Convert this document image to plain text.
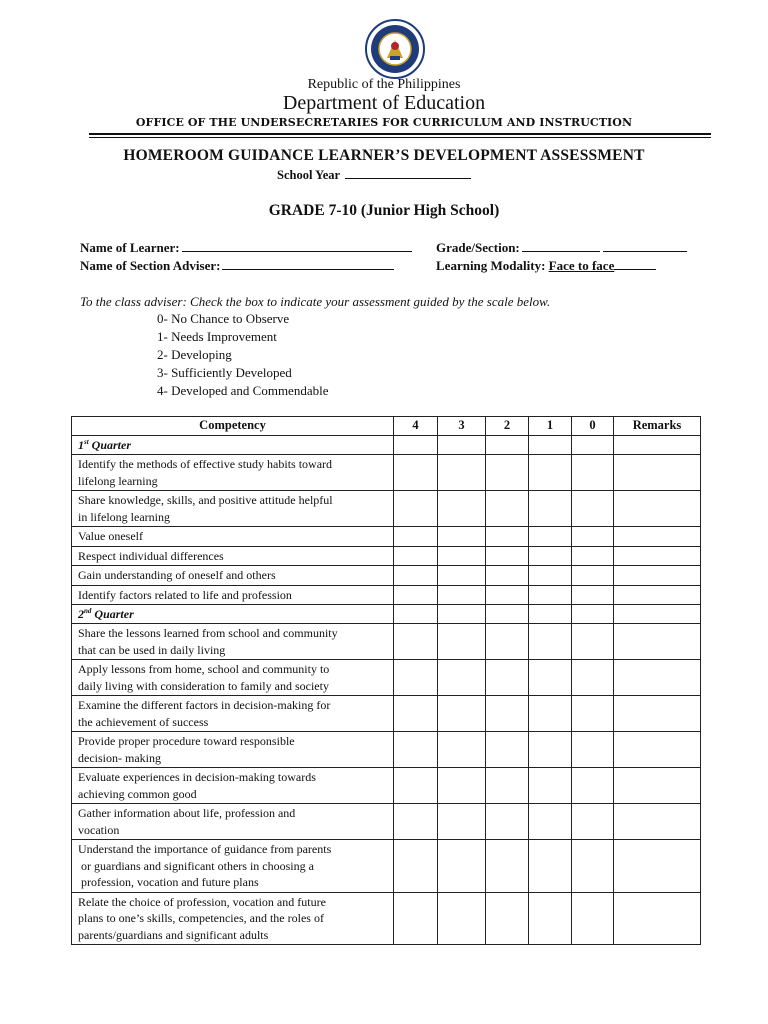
Republic of the Philippines
Department of Education
OFFICE OF THE UNDERSECRETARIES FOR CURRICULUM AND INSTRUCTION
HOMEROOM GUIDANCE LEARNER’S DEVELOPMENT ASSESSMENT
School Year
GRADE 7-10 (Junior High School)
Name of Learner:	Grade/Section:
Name of Section Adviser:	Learning Modality: Face to face
To the class adviser: Check the box to indicate your assessment guided by the scale below.
0- No Chance to Observe
1- Needs Improvement
2- Developing
3- Sufficiently Developed
4- Developed and Commendable
Competency	4	3	2	1	0	Remarks
1st Quarter						

Identify the methods of effective study habits toward
lifelong learning						

Share knowledge, skills, and positive attitude helpful
in lifelong learning						

Value oneself						

Respect individual differences						

Gain understanding of oneself and others						

Identify factors related to life and profession						

2nd Quarter						

Share the lessons learned from school and community
that can be used in daily living						

Apply lessons from home, school and community to
daily living with consideration to family and society						

Examine the different factors in decision-making for
the achievement of success						

Provide proper procedure toward responsible
decision- making						

Evaluate experiences in decision-making towards
achieving common good						

Gather information about life, profession and
vocation						

Understand the importance of guidance from parents
or guardians and significant others in choosing a
profession, vocation and future plans						

Relate the choice of profession, vocation and future
plans to one’s skills, competencies, and the roles of
parents/guardians and significant adults						
